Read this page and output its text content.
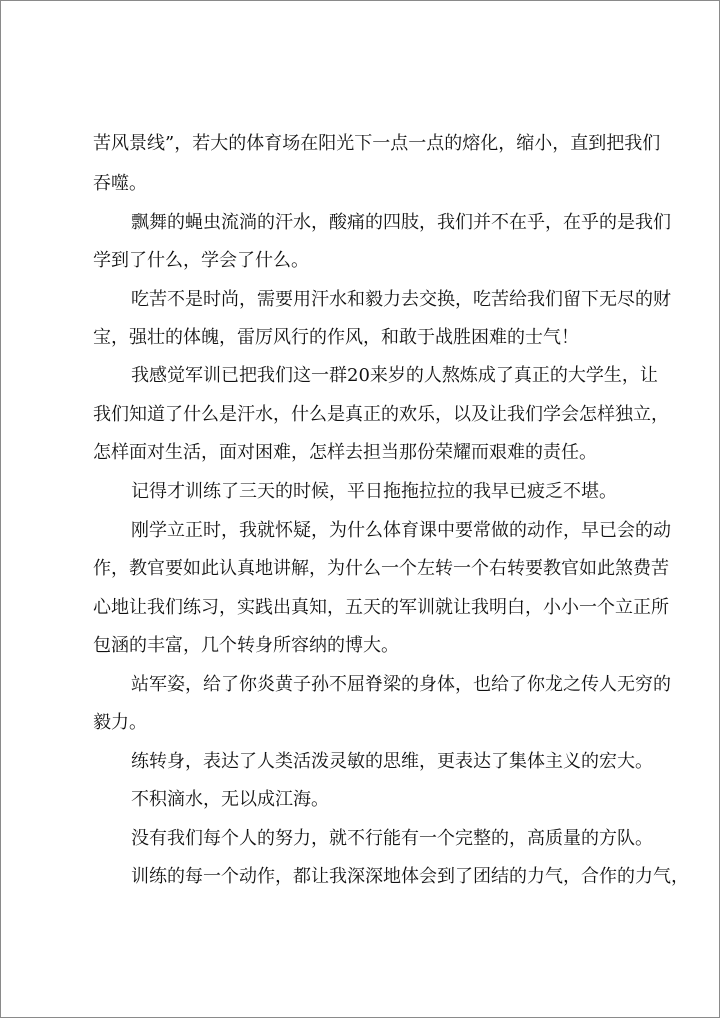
苦风景线”，若大的体育场在阳光下一点一点的熔化，缩小，直到把我们

吞噬。

飘舞的蝇虫流淌的汗水，酸痛的四肢，我们并不在乎，在乎的是我们

学到了什么，学会了什么。

吃苦不是时尚，需要用汗水和毅力去交换，吃苦给我们留下无尽的财

宝，强壮的体魄，雷厉风行的作风，和敢于战胜困难的士气！

我感觉军训已把我们这一群20来岁的人熬炼成了真正的大学生，让

我们知道了什么是汗水，什么是真正的欢乐，以及让我们学会怎样独立，

怎样面对生活，面对困难，怎样去担当那份荣耀而艰难的责任。

记得才训练了三天的时候，平日拖拖拉拉的我早已疲乏不堪。

刚学立正时，我就怀疑，为什么体育课中要常做的动作，早已会的动

作，教官要如此认真地讲解，为什么一个左转一个右转要教官如此煞费苦

心地让我们练习，实践出真知，五天的军训就让我明白，小小一个立正所

包涵的丰富，几个转身所容纳的博大。

站军姿，给了你炎黄子孙不屈脊梁的身体，也给了你龙之传人无穷的

毅力。

练转身，表达了人类活泼灵敏的思维，更表达了集体主义的宏大。

不积滴水，无以成江海。

没有我们每个人的努力，就不行能有一个完整的，高质量的方队。

训练的每一个动作，都让我深深地体会到了团结的力气，合作的力气，
